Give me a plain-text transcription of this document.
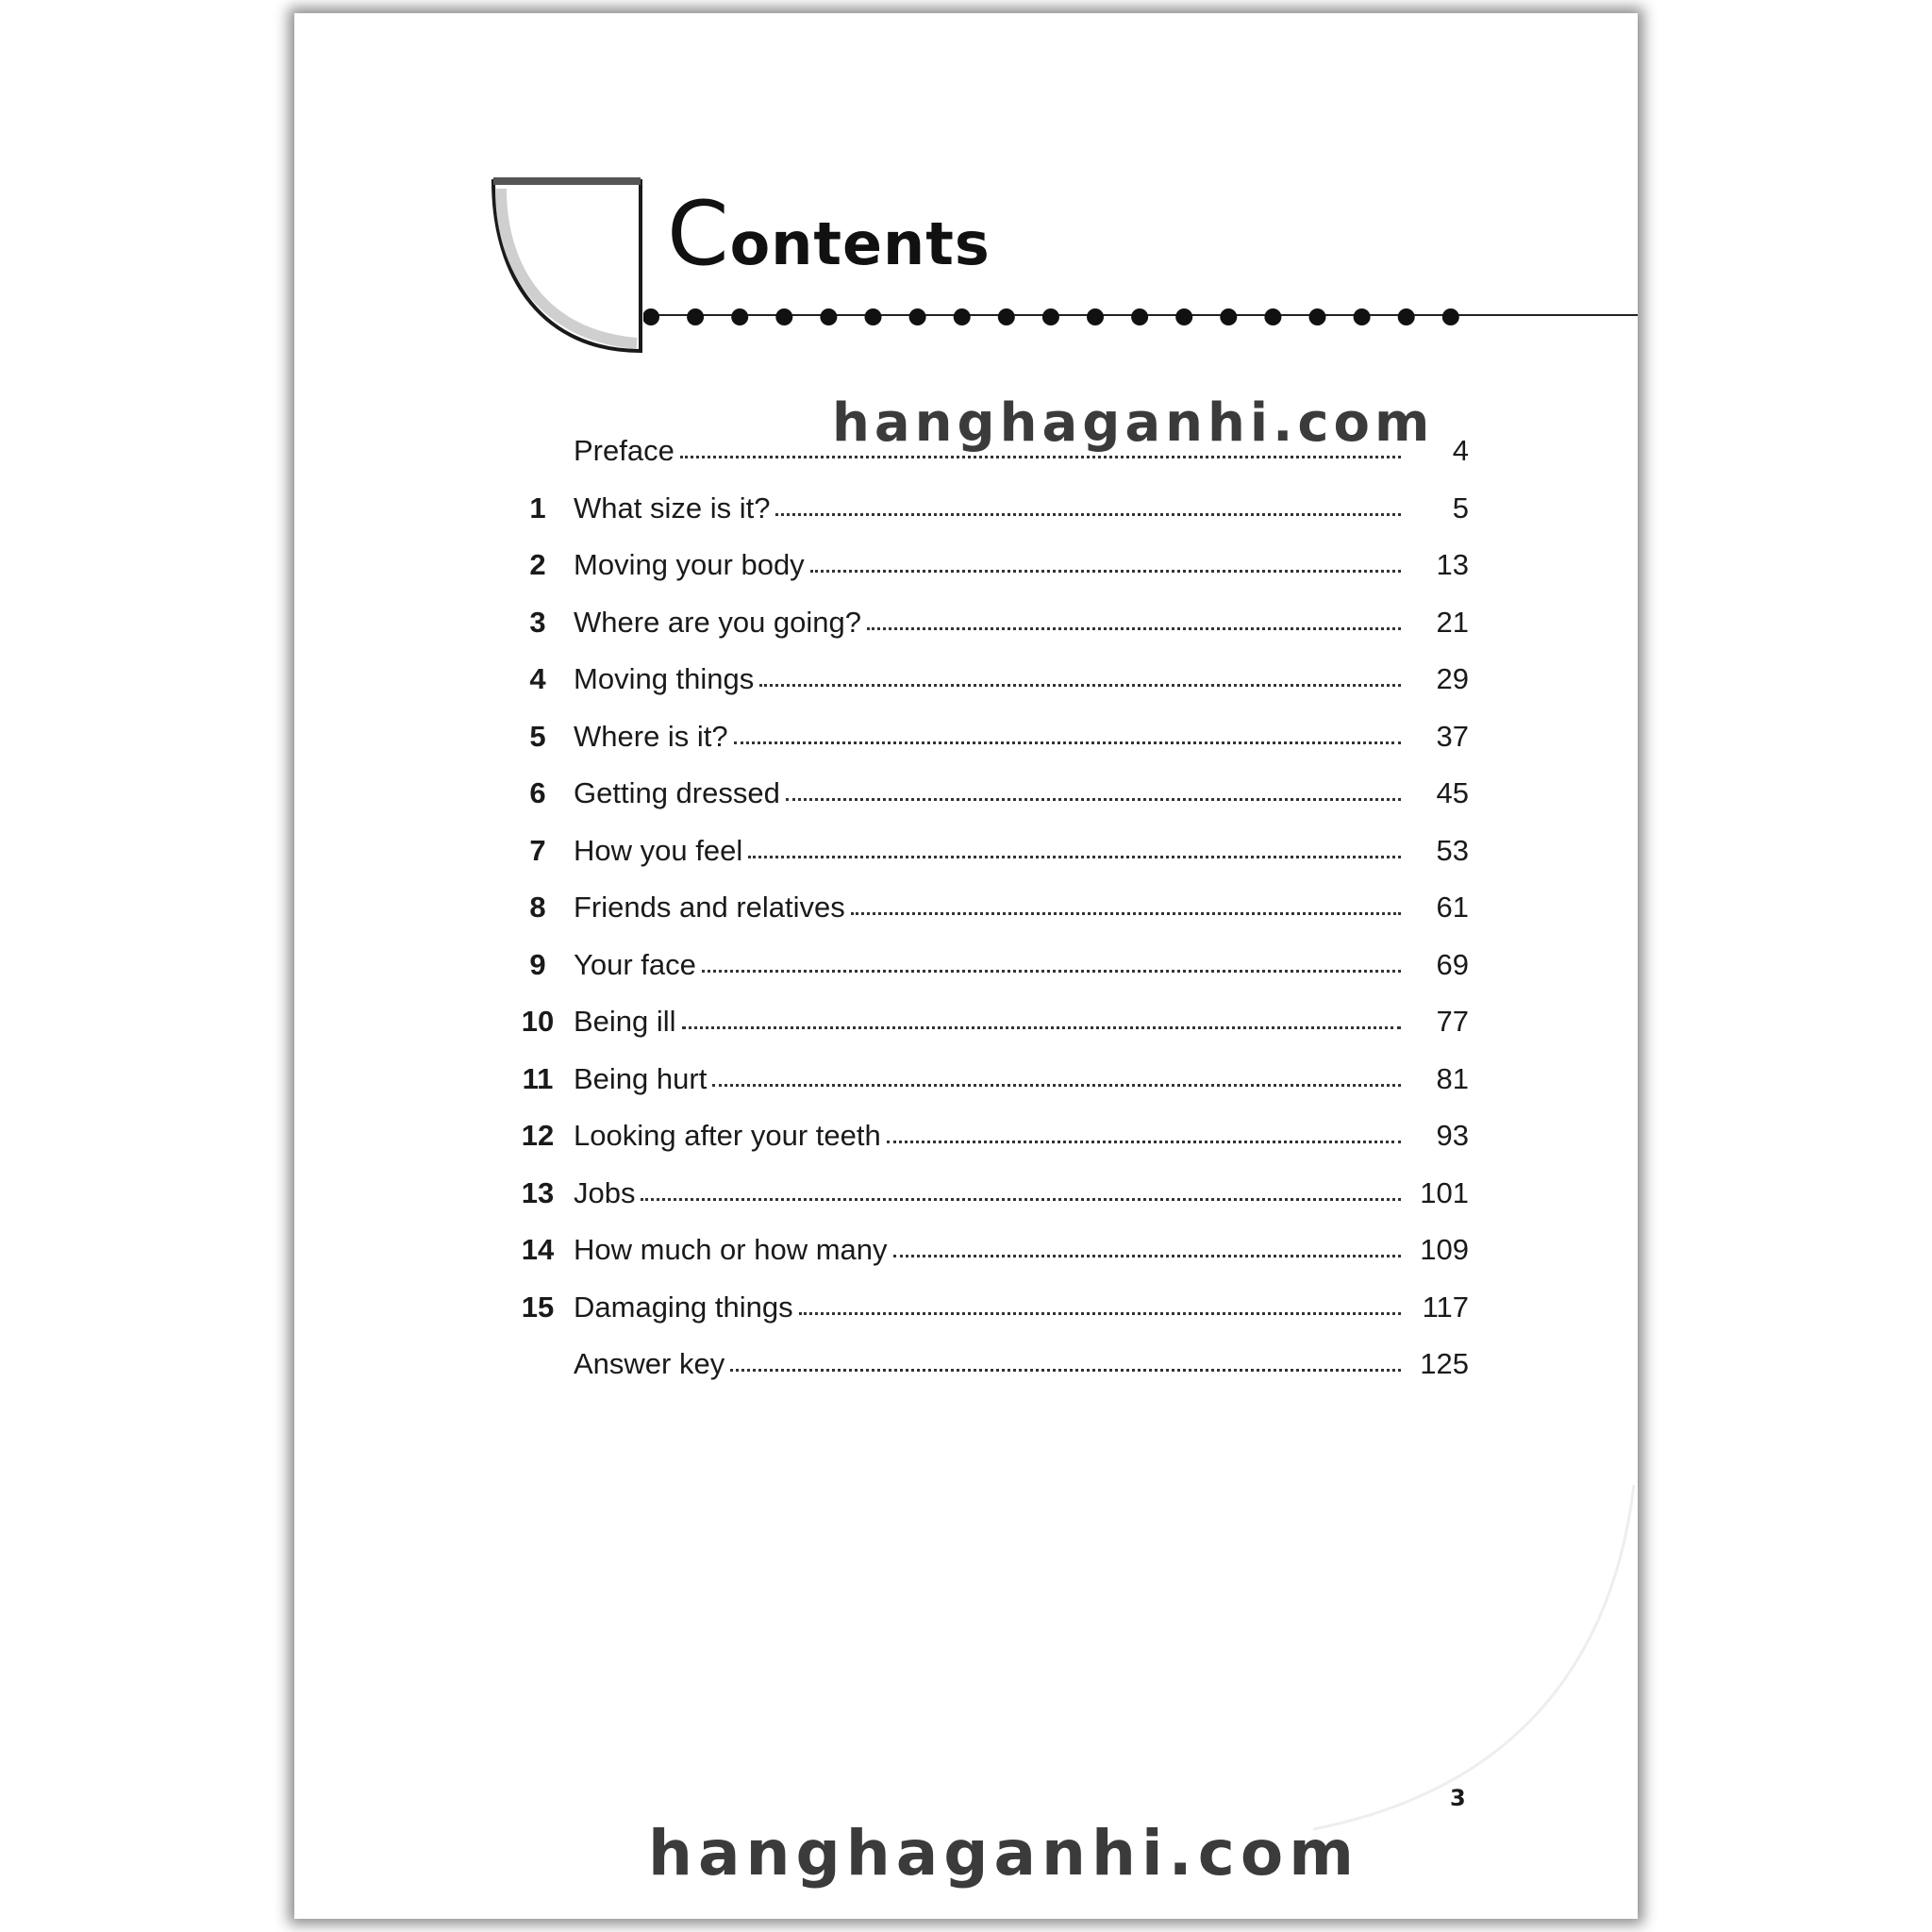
Contents

hanghaganhi.com

Preface	4
1 What size is it?	5
2 Moving your body	13
3 Where are you going?	21
4 Moving things	29
5 Where is it?	37
6 Getting dressed	45
7 How you feel	53
8 Friends and relatives	61
9 Your face	69
10 Being ill	77
11 Being hurt	81
12 Looking after your teeth	93
13 Jobs	101
14 How much or how many	109
15 Damaging things	117
Answer key	125

3

hanghaganhi.com
